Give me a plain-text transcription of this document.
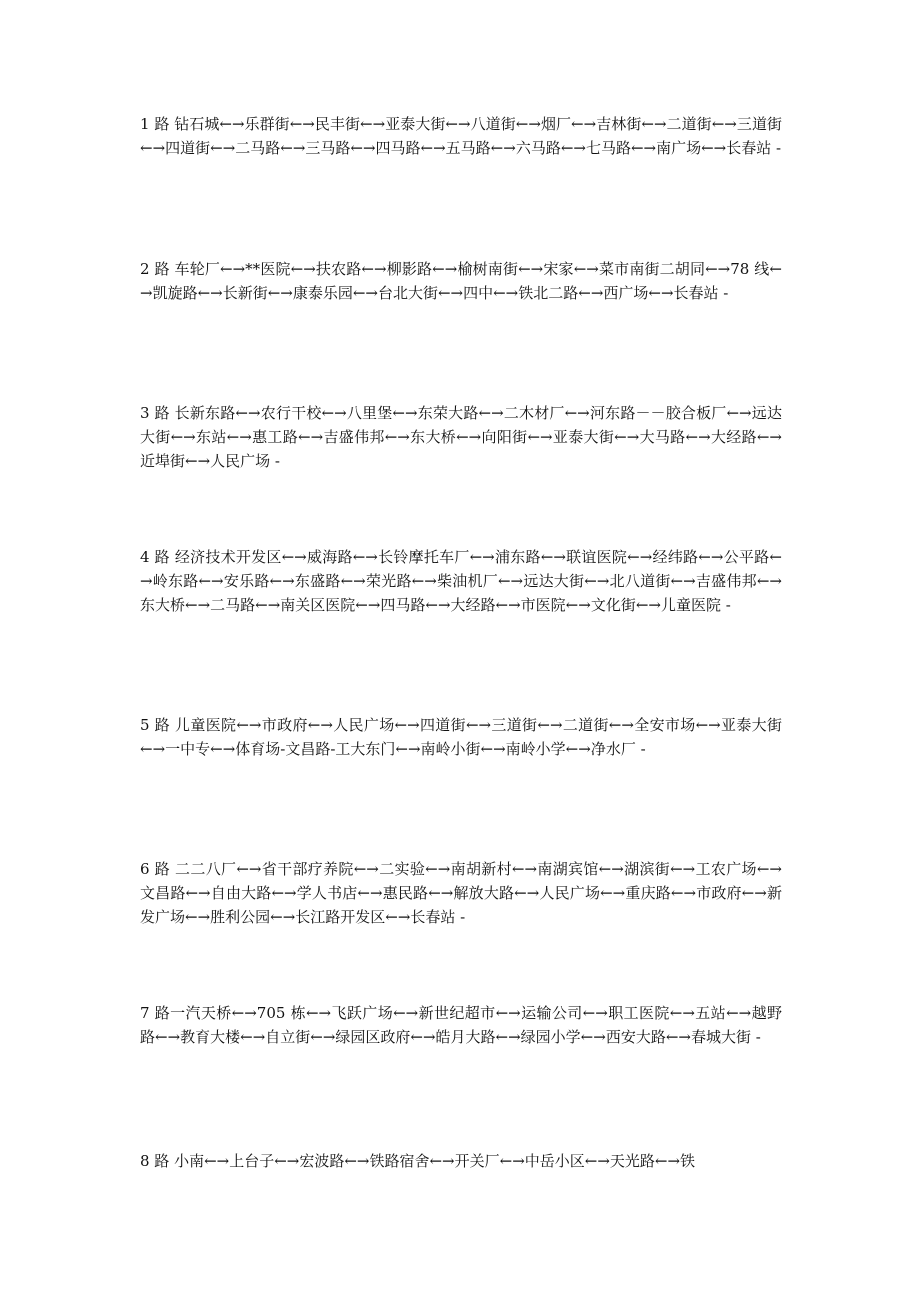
1 路 钻石城←→乐群街←→民丰街←→亚泰大街←→八道街←→烟厂←→吉林街←→二道街←→三道街←→四道街←→二马路←→三马路←→四马路←→五马路←→六马路←→七马路←→南广场←→长春站 -

2 路 车轮厂←→**医院←→扶农路←→柳影路←→榆树南街←→宋家←→菜市南街二胡同←→78 线←→凯旋路←→长新街←→康泰乐园←→台北大街←→四中←→铁北二路←→西广场←→长春站 -

3 路 长新东路←→农行干校←→八里堡←→东荣大路←→二木材厂←→河东路－－胶合板厂←→远达大街←→东站←→惠工路←→吉盛伟邦←→东大桥←→向阳街←→亚泰大街←→大马路←→大经路←→近埠街←→人民广场 -

4 路 经济技术开发区←→威海路←→长铃摩托车厂←→浦东路←→联谊医院←→经纬路←→公平路←→岭东路←→安乐路←→东盛路←→荣光路←→柴油机厂←→远达大街←→北八道街←→吉盛伟邦←→东大桥←→二马路←→南关区医院←→四马路←→大经路←→市医院←→文化街←→儿童医院 -

5 路 儿童医院←→市政府←→人民广场←→四道街←→三道街←→二道街←→全安市场←→亚泰大街←→一中专←→体育场-文昌路-工大东门←→南岭小街←→南岭小学←→净水厂 -

6 路 二二八厂←→省干部疗养院←→二实验←→南胡新村←→南湖宾馆←→湖滨街←→工农广场←→文昌路←→自由大路←→学人书店←→惠民路←→解放大路←→人民广场←→重庆路←→市政府←→新发广场←→胜利公园←→长江路开发区←→长春站 -

7 路一汽天桥←→705 栋←→飞跃广场←→新世纪超市←→运输公司←→职工医院←→五站←→越野路←→教育大楼←→自立街←→绿园区政府←→皓月大路←→绿园小学←→西安大路←→春城大街 -

8 路 小南←→上台子←→宏波路←→铁路宿舍←→开关厂←→中岳小区←→天光路←→铁
